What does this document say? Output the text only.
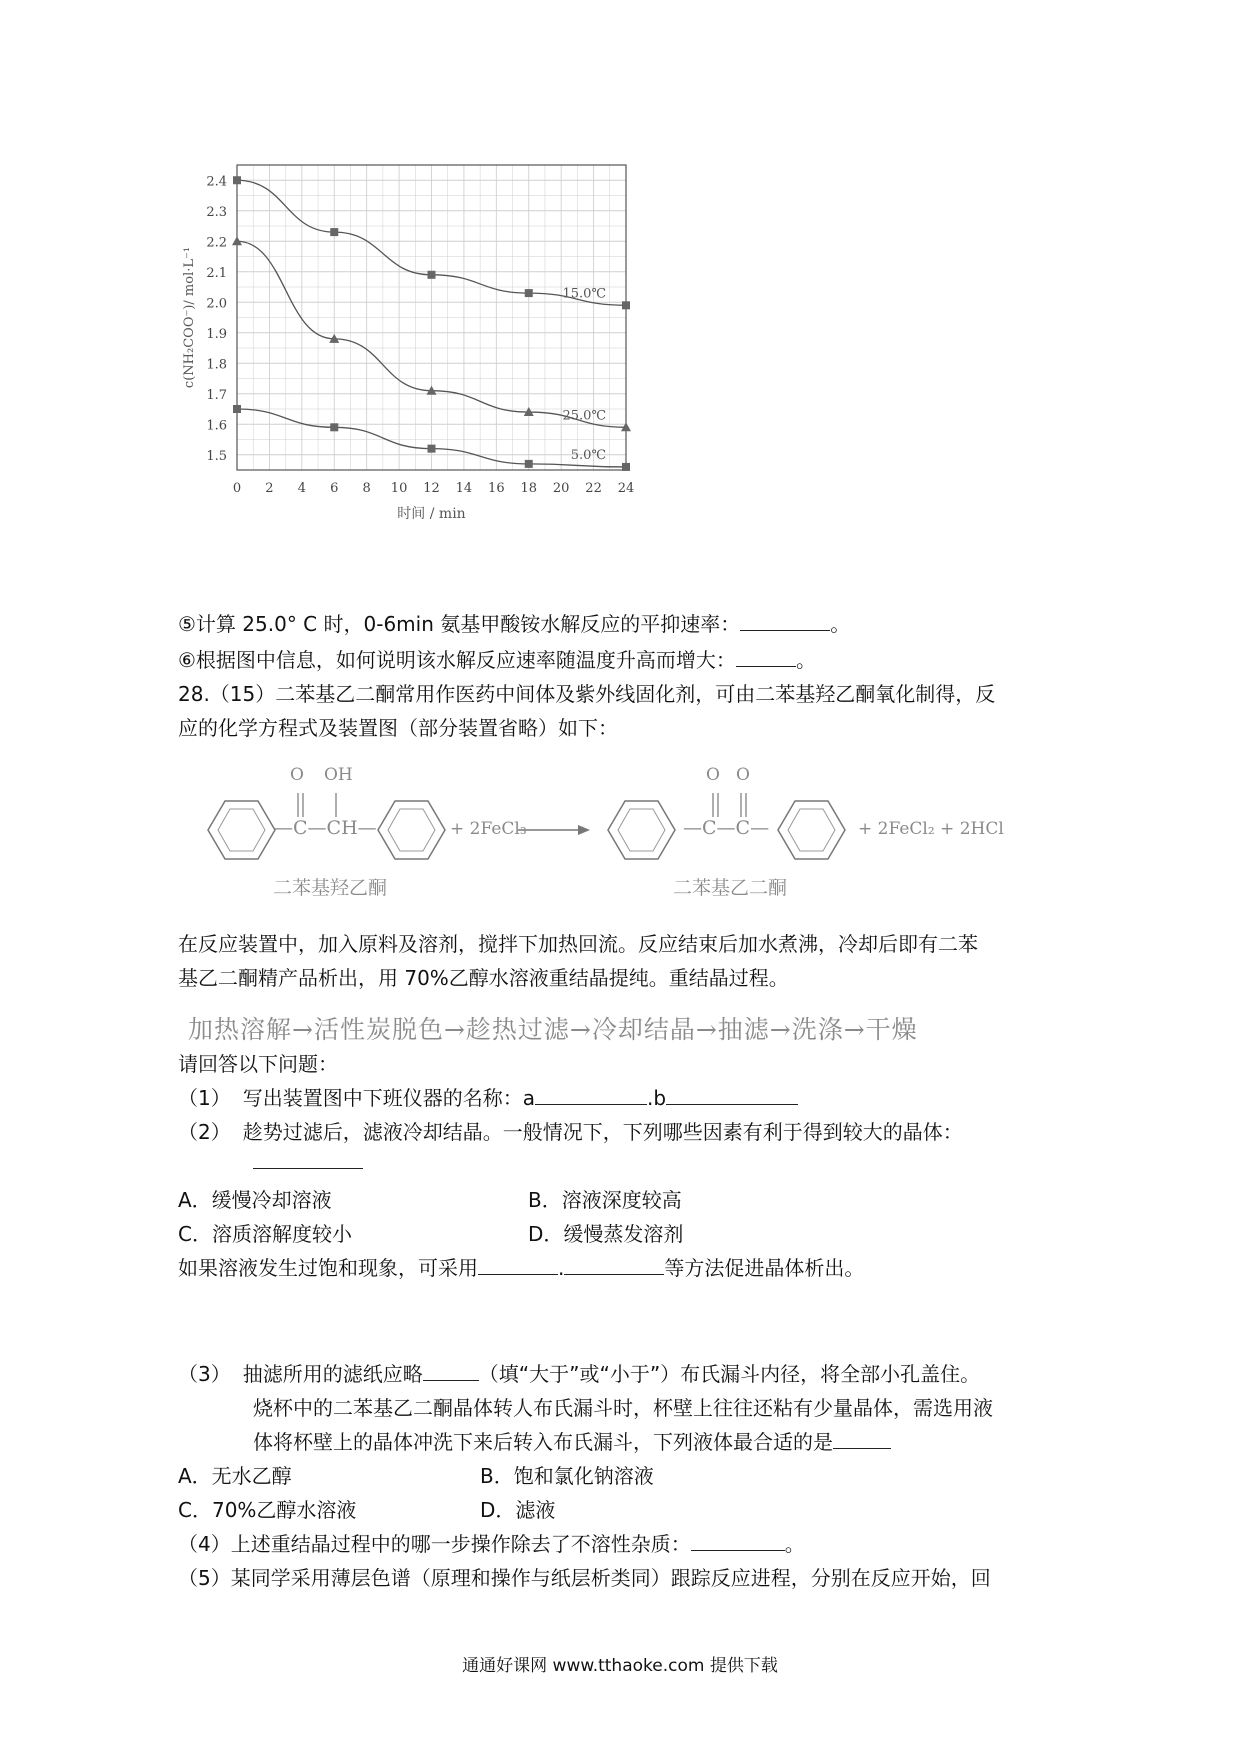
1.5
1.6
1.7
1.8
1.9
2.0
2.1
2.2
2.3
2.4
0 2 4 6 8 10 12 14 16 18 20 22 24
时间 / min
c(NH₂COO⁻)/ mol·L⁻¹	15.0℃
25.0℃
5.0℃
⑤计算 25.0° C 时，0-6min 氨基甲酸铵水解反应的平抑速率：	。
⑥根据图中信息，如何说明该水解反应速率随温度升高而增大：	。
28.（15）二苯基乙二酮常用作医药中间体及紫外线固化剂，可由二苯基羟乙酮氧化制得，反
应的化学方程式及装置图（部分装置省略）如下：
O OH
—C—CH—	+ 2FeCl₃
O O
—C—C—	+ 2FeCl₂ + 2HCl
二苯基羟乙酮	二苯基乙二酮
在反应装置中，加入原料及溶剂，搅拌下加热回流。反应结束后加水煮沸，冷却后即有二苯
基乙二酮精产品析出，用 70%乙醇水溶液重结晶提纯。重结晶过程。
加热溶解→活性炭脱色→趁热过滤→冷却结晶→抽滤→洗涤→干燥
请回答以下问题：
（1） 写出装置图中下班仪器的名称：a	.b
（2） 趁势过滤后，滤液冷却结晶。一般情况下，下列哪些因素有利于得到较大的晶体：
A．缓慢冷却溶液	B．溶液深度较高
C．溶质溶解度较小	D．缓慢蒸发溶剂
如果溶液发生过饱和现象，可采用	.	等方法促进晶体析出。
（3） 抽滤所用的滤纸应略	（填“大于”或“小于”）布氏漏斗内径，将全部小孔盖住。
烧杯中的二苯基乙二酮晶体转人布氏漏斗时，杯壁上往往还粘有少量晶体，需选用液
体将杯壁上的晶体冲洗下来后转入布氏漏斗，下列液体最合适的是
A．无水乙醇	B．饱和氯化钠溶液
C．70%乙醇水溶液	D．滤液
（4）上述重结晶过程中的哪一步操作除去了不溶性杂质：	。
（5）某同学采用薄层色谱（原理和操作与纸层析类同）跟踪反应进程，分别在反应开始，回
通通好课网 www.tthaoke.com 提供下载
